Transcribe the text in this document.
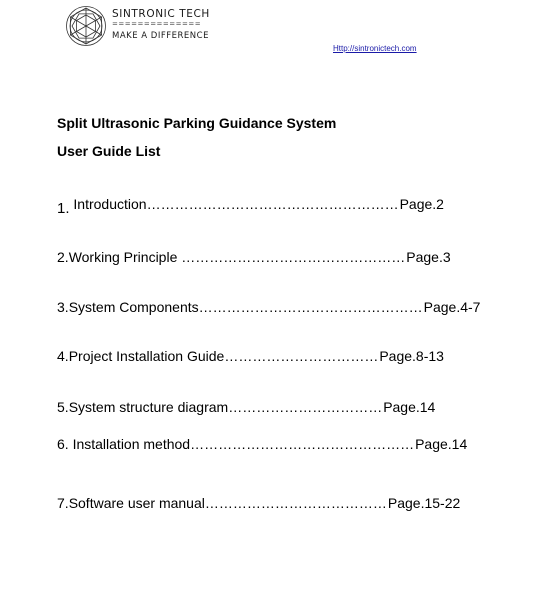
SINTRONIC TECH
==============
MAKE A DIFFERENCE
Http://sintronictech.com
Split Ultrasonic Parking Guidance System
User Guide List
1. Introduction………………………………………………Page.2
2.Working Principle …………………………………………Page.3
3.System Components…………………………………………Page.4-7
4.Project Installation Guide……………………………Page.8-13
5.System structure diagram……………………………Page.14
6. Installation method…………………………………………Page.14
7.Software user manual…………………………………Page.15-22
